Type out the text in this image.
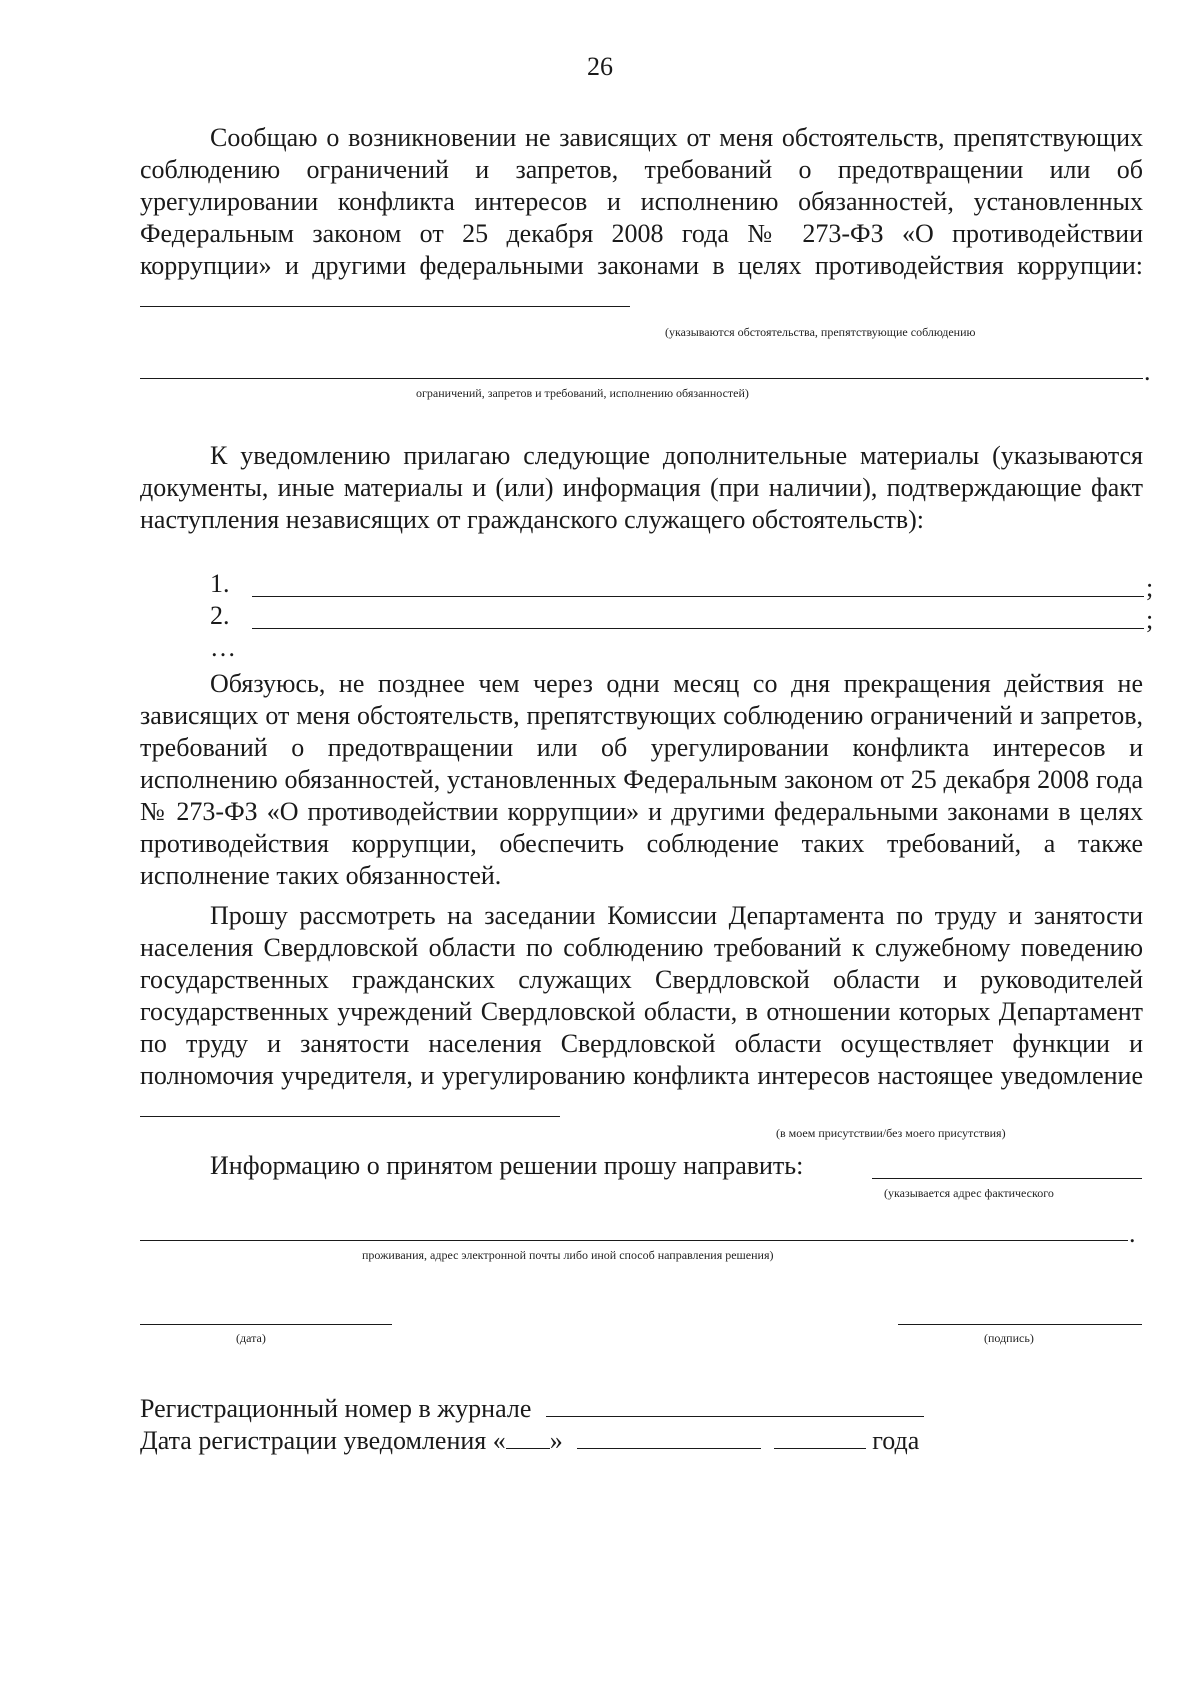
26
Сообщаю о возникновении не зависящих от меня обстоятельств, препятствующих соблюдению ограничений и запретов, требований о предотвращении или об урегулировании конфликта интересов и исполнению обязанностей, установленных Федеральным законом от 25 декабря 2008 года № 273-ФЗ «О противодействии коррупции» и другими федеральными законами в целях противодействия коррупции:
(указываются обстоятельства, препятствующие соблюдению
.
ограничений, запретов и требований, исполнению обязанностей)
К уведомлению прилагаю следующие дополнительные материалы (указываются документы, иные материалы и (или) информация (при наличии), подтверждающие факт наступления независящих от гражданского служащего обстоятельств):
1.	;
2.	;
…
Обязуюсь, не позднее чем через одни месяц со дня прекращения действия не зависящих от меня обстоятельств, препятствующих соблюдению ограничений и запретов, требований о предотвращении или об урегулировании конфликта интересов и исполнению обязанностей, установленных Федеральным законом от 25 декабря 2008 года № 273-ФЗ «О противодействии коррупции» и другими федеральными законами в целях противодействия коррупции, обеспечить соблюдение таких требований, а также исполнение таких обязанностей.
Прошу рассмотреть на заседании Комиссии Департамента по труду и занятости населения Свердловской области по соблюдению требований к служебному поведению государственных гражданских служащих Свердловской области и руководителей государственных учреждений Свердловской области, в отношении которых Департамент по труду и занятости населения Свердловской области осуществляет функции и полномочия учредителя, и урегулированию конфликта интересов настоящее уведомление
(в моем присутствии/без моего присутствия)
Информацию о принятом решении прошу направить:
(указывается адрес фактического
.
проживания, адрес электронной почты либо иной способ направления решения)
(дата)	(подпись)
Регистрационный номер в журнале
Дата регистрации уведомления « »	года
